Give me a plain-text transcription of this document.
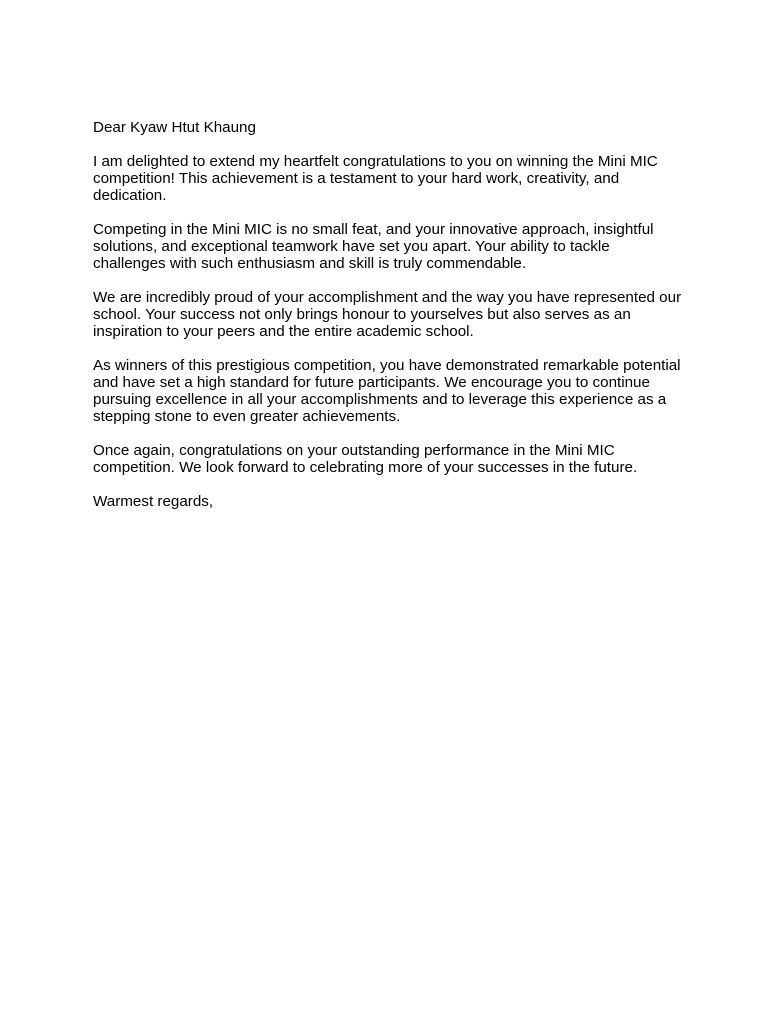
Dear Kyaw Htut Khaung

I am delighted to extend my heartfelt congratulations to you on winning the Mini MIC competition! This achievement is a testament to your hard work, creativity, and dedication.

Competing in the Mini MIC is no small feat, and your innovative approach, insightful solutions, and exceptional teamwork have set you apart. Your ability to tackle challenges with such enthusiasm and skill is truly commendable.

We are incredibly proud of your accomplishment and the way you have represented our school. Your success not only brings honour to yourselves but also serves as an inspiration to your peers and the entire academic school.

As winners of this prestigious competition, you have demonstrated remarkable potential and have set a high standard for future participants. We encourage you to continue pursuing excellence in all your accomplishments and to leverage this experience as a stepping stone to even greater achievements.

Once again, congratulations on your outstanding performance in the Mini MIC competition. We look forward to celebrating more of your successes in the future.

Warmest regards,
